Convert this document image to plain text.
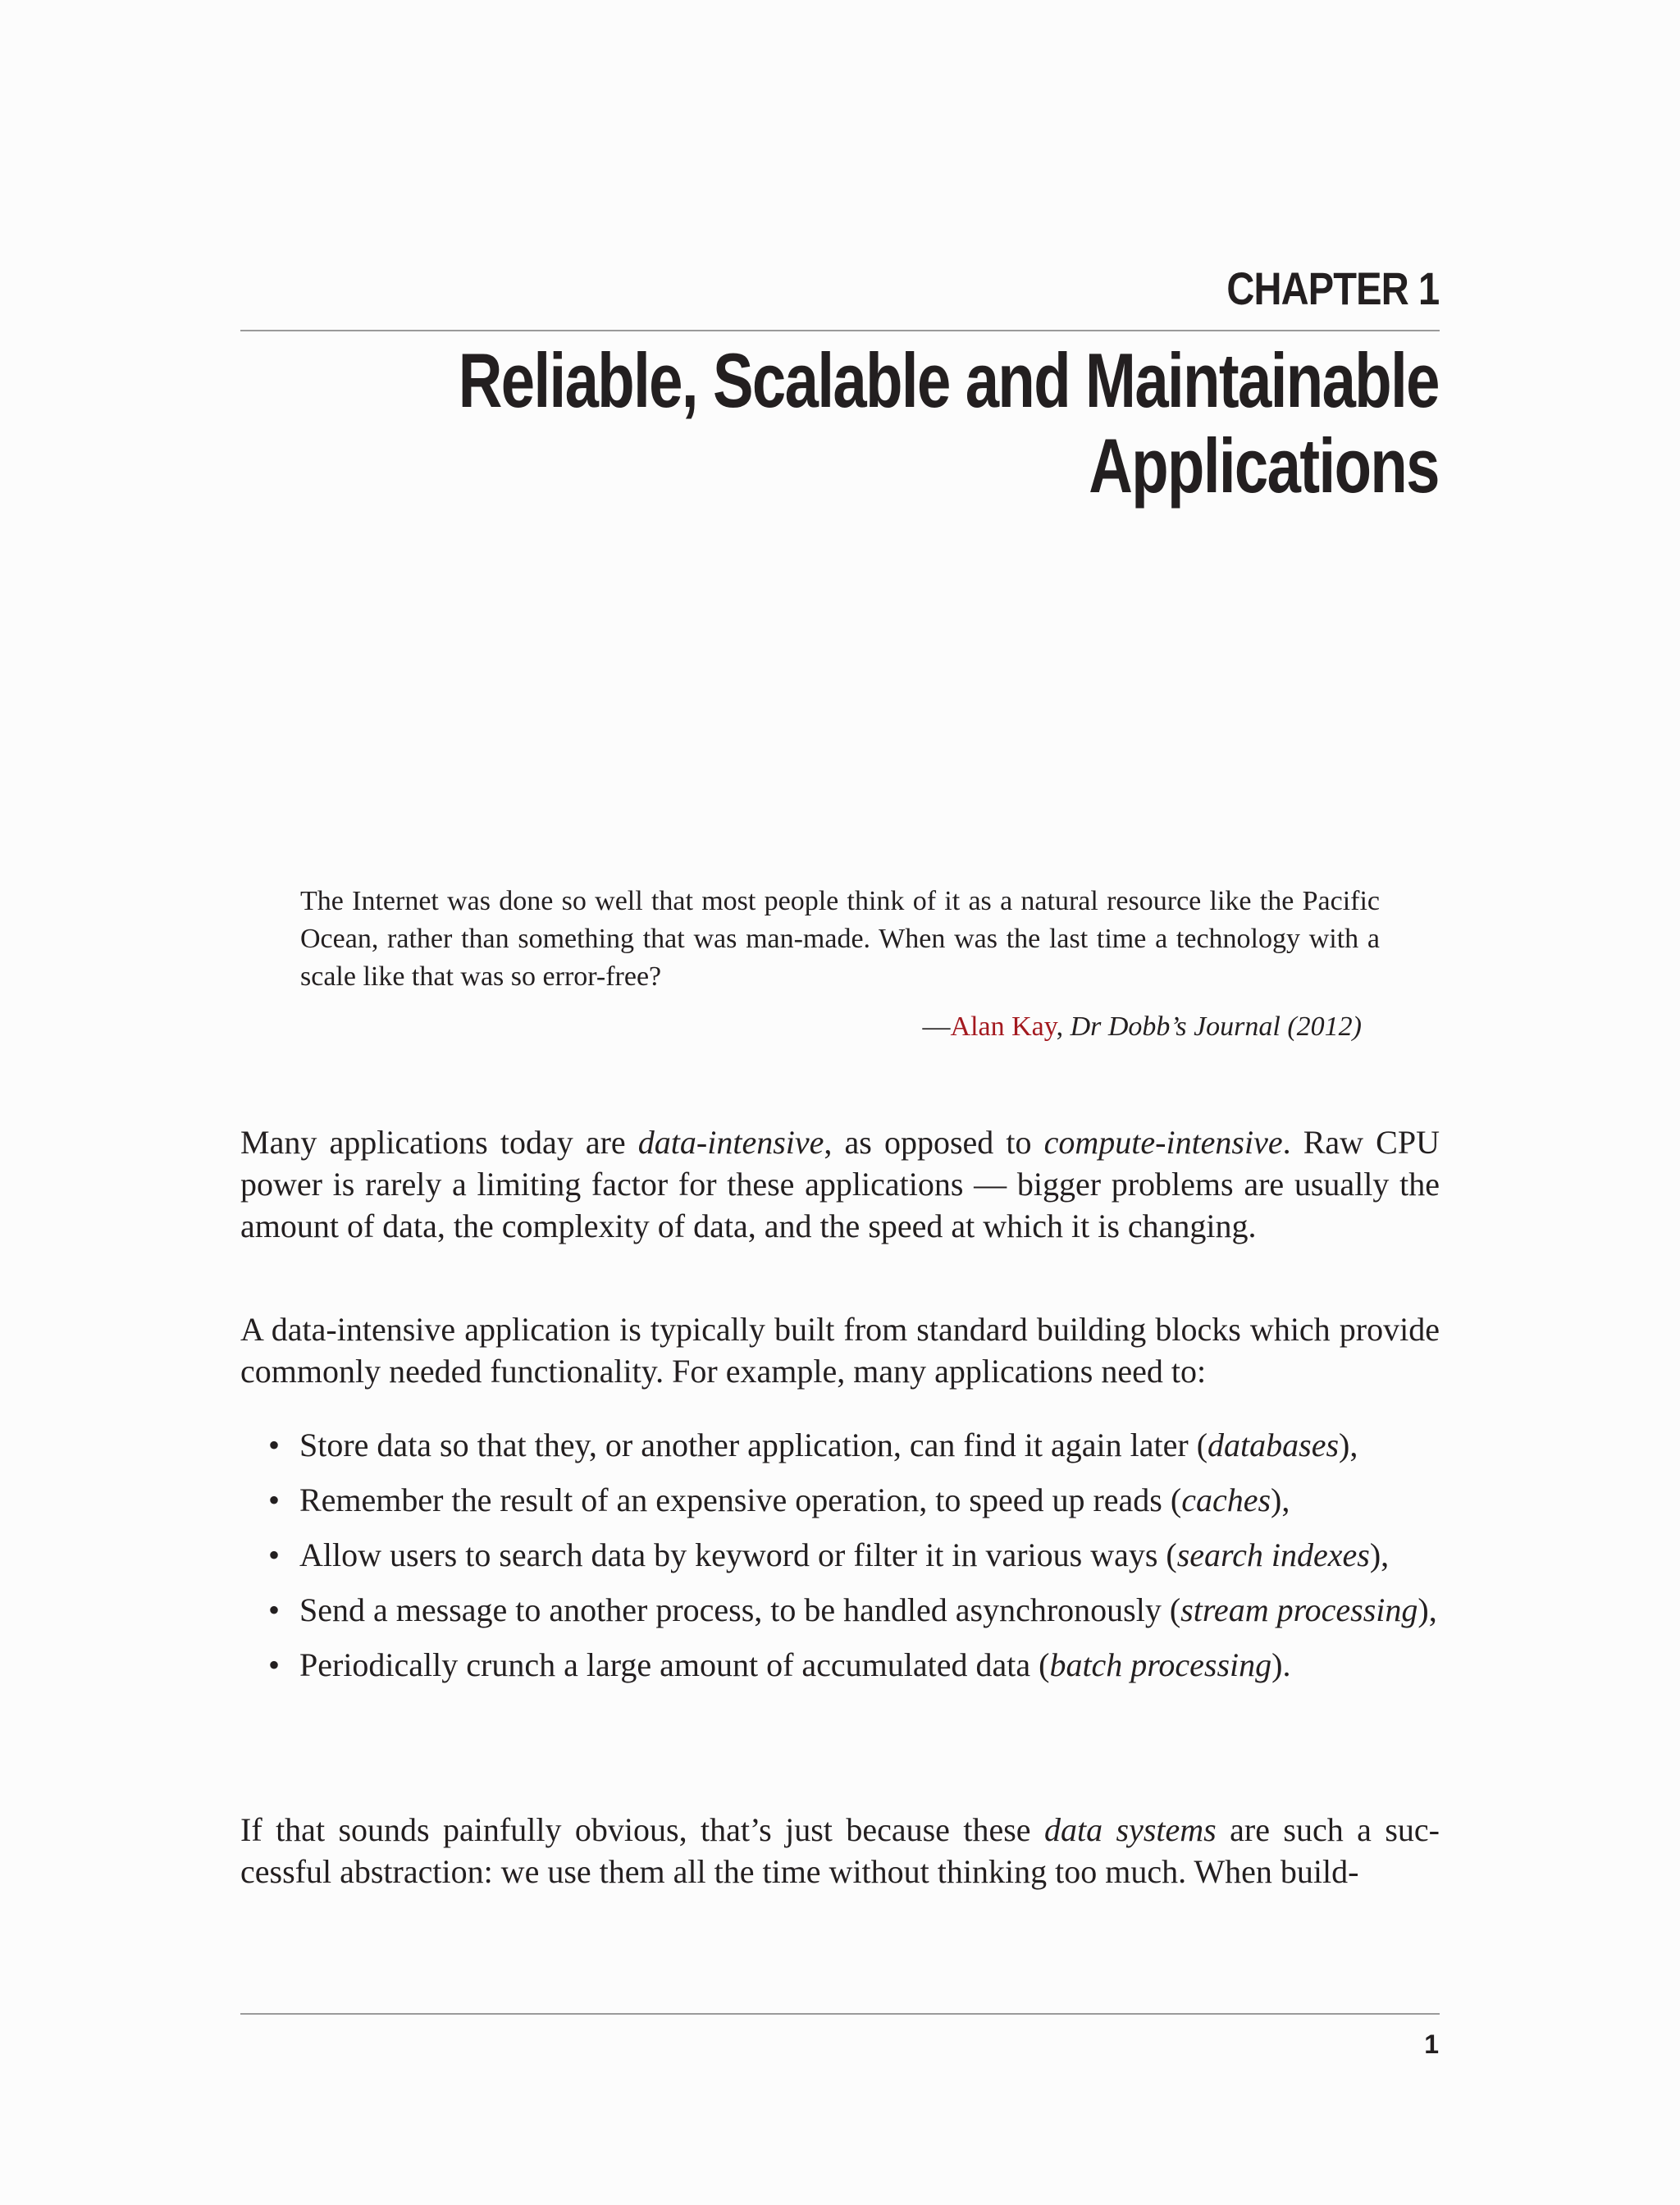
CHAPTER 1
Reliable, Scalable and Maintainable
Applications
The Internet was done so well that most people think of it as a natural resource like the Pacific Ocean, rather than something that was man-made. When was the last time a technology with a scale like that was so error-free?
—Alan Kay, Dr Dobb’s Journal (2012)

Many applications today are data-intensive, as opposed to compute-intensive. Raw CPU power is rarely a limiting factor for these applications — bigger problems are usually the amount of data, the complexity of data, and the speed at which it is changing.

A data-intensive application is typically built from standard building blocks which provide commonly needed functionality. For example, many applications need to:

• Store data so that they, or another application, can find it again later (databases),
• Remember the result of an expensive operation, to speed up reads (caches),
• Allow users to search data by keyword or filter it in various ways (search indexes),
• Send a message to another process, to be handled asynchronously (stream processing),
• Periodically crunch a large amount of accumulated data (batch processing).

If that sounds painfully obvious, that’s just because these data systems are such a successful abstraction: we use them all the time without thinking too much. When build-

1
